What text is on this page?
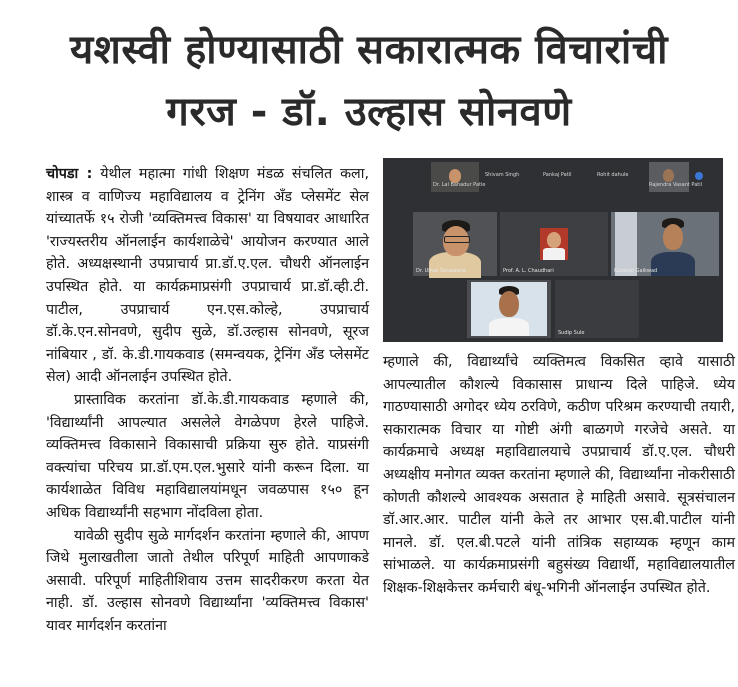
यशस्वी होण्यासाठी सकारात्मक विचारांची
गरज - डॉ. उल्हास सोनवणे

चोपडा : येथील महात्मा गांधी शिक्षण मंडळ संचलित कला, शास्त्र व वाणिज्य महाविद्यालय व ट्रेनिंग अँड प्लेसमेंट सेल यांच्यातर्फे १५ रोजी 'व्यक्तिमत्त्व विकास' या विषयावर आधारित 'राज्यस्तरीय ऑनलाईन कार्यशाळेचे' आयोजन करण्यात आले होते. अध्यक्षस्थानी उपप्राचार्य प्रा.डॉ.ए.एल. चौधरी ऑनलाईन उपस्थित होते. या कार्यक्रमाप्रसंगी उपप्राचार्य प्रा.डॉ.व्ही.टी. पाटील, उपप्राचार्य एन.एस.कोल्हे, उपप्राचार्य डॉ.के.एन.सोनवणे, सुदीप सुळे, डॉ.उल्हास सोनवणे, सूरज नांबियार , डॉ. के.डी.गायकवाड (समन्वयक, ट्रेनिंग अँड प्लेसमेंट सेल) आदी ऑनलाईन उपस्थित होते.

प्रास्ताविक करतांना डॉ.के.डी.गायकवाड म्हणाले की, 'विद्यार्थ्यांनी आपल्यात असलेले वेगळेपण हेरले पाहिजे. व्यक्तिमत्त्व विकासाने विकासाची प्रक्रिया सुरु होते. याप्रसंगी वक्त्यांचा परिचय प्रा.डॉ.एम.एल.भुसारे यांनी करून दिला. या कार्यशाळेत विविध महाविद्यालयांमधून जवळपास १५० हून अधिक विद्यार्थ्यांनी सहभाग नोंदविला होता.

यावेळी सुदीप सुळे मार्गदर्शन करतांना म्हणाले की, आपण जिथे मुलाखतीला जातो तेथील परिपूर्ण माहिती आपणाकडे असावी. परिपूर्ण माहितीशिवाय उत्तम सादरीकरण करता येत नाही. डॉ. उल्हास सोनवणे विद्यार्थ्यांना 'व्यक्तिमत्त्व विकास' यावर मार्गदर्शन करतांना

Dr. Lal Bahadur Patle
Shivam Singh	Pankaj Patil	Rohit dahule
Rajendra Vasant Patil
Dr. Ulhas Sonawane	Prof. A. L. Chaudhari	Kuldeep Gaikwad
Sudip Sule

म्हणाले की, विद्यार्थ्यांचे व्यक्तिमत्व विकसित व्हावे यासाठी आपल्यातील कौशल्ये विकासास प्राधान्य दिले पाहिजे. ध्येय गाठण्यासाठी अगोदर ध्येय ठरविणे, कठीण परिश्रम करण्याची तयारी, सकारात्मक विचार या गोष्टी अंगी बाळगणे गरजेचे असते. या कार्यक्रमाचे अध्यक्ष महाविद्यालयाचे उपप्राचार्य डॉ.ए.एल. चौधरी अध्यक्षीय मनोगत व्यक्त करतांना म्हणाले की, विद्यार्थ्यांना नोकरीसाठी कोणती कौशल्ये आवश्यक असतात हे माहिती असावे. सूत्रसंचालन डॉ.आर.आर. पाटील यांनी केले तर आभार एस.बी.पाटील यांनी मानले. डॉ. एल.बी.पटले यांनी तांत्रिक सहाय्यक म्हणून काम सांभाळले. या कार्यक्रमाप्रसंगी बहुसंख्य विद्यार्थी, महाविद्यालयातील शिक्षक-शिक्षकेत्तर कर्मचारी बंधू-भगिनी ऑनलाईन उपस्थित होते.
